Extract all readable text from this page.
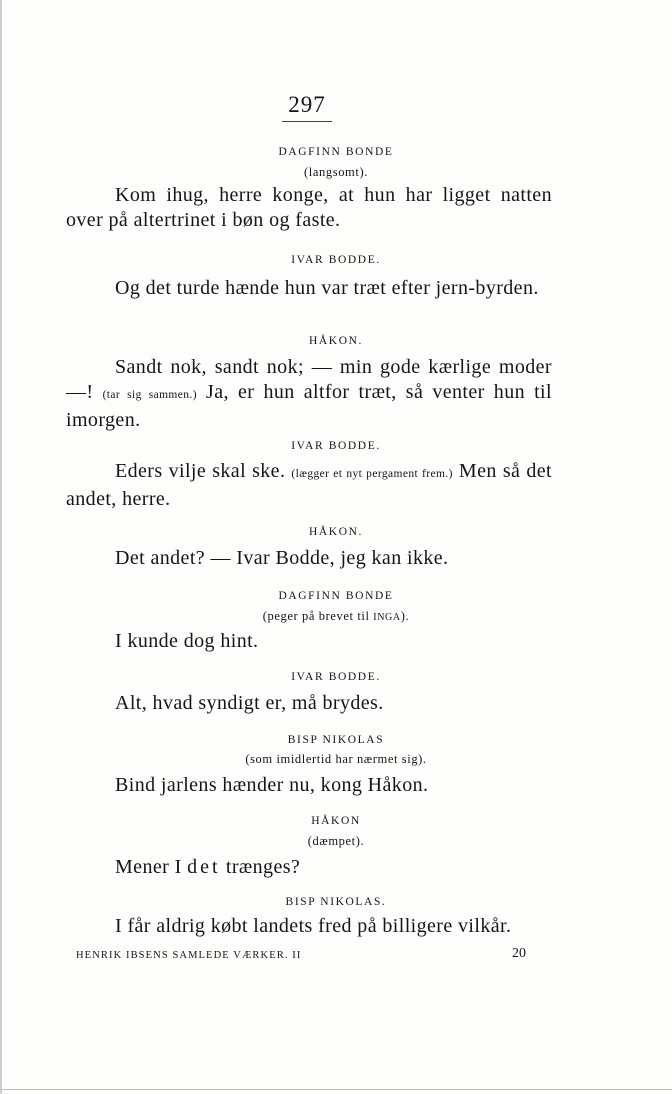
297
DAGFINN BONDE
(langsomt).
Kom ihug, herre konge, at hun har ligget natten over på altertrinet i bøn og faste.
IVAR BODDE.
Og det turde hænde hun var træt efter jern-byrden.
HÅKON.
Sandt nok, sandt nok; — min gode kærlige moder —! (tar sig sammen.) Ja, er hun altfor træt, så venter hun til imorgen.
IVAR BODDE.
Eders vilje skal ske. (lægger et nyt pergament frem.) Men så det andet, herre.
HÅKON.
Det andet? — Ivar Bodde, jeg kan ikke.
DAGFINN BONDE
(peger på brevet til INGA).
I kunde dog hint.
IVAR BODDE.
Alt, hvad syndigt er, må brydes.
BISP NIKOLAS
(som imidlertid har nærmet sig).
Bind jarlens hænder nu, kong Håkon.
HÅKON
(dæmpet).
Mener I det trænges?
BISP NIKOLAS.
I får aldrig købt landets fred på billigere vilkår.
HENRIK IBSENS SAMLEDE VÆRKER. II	20
